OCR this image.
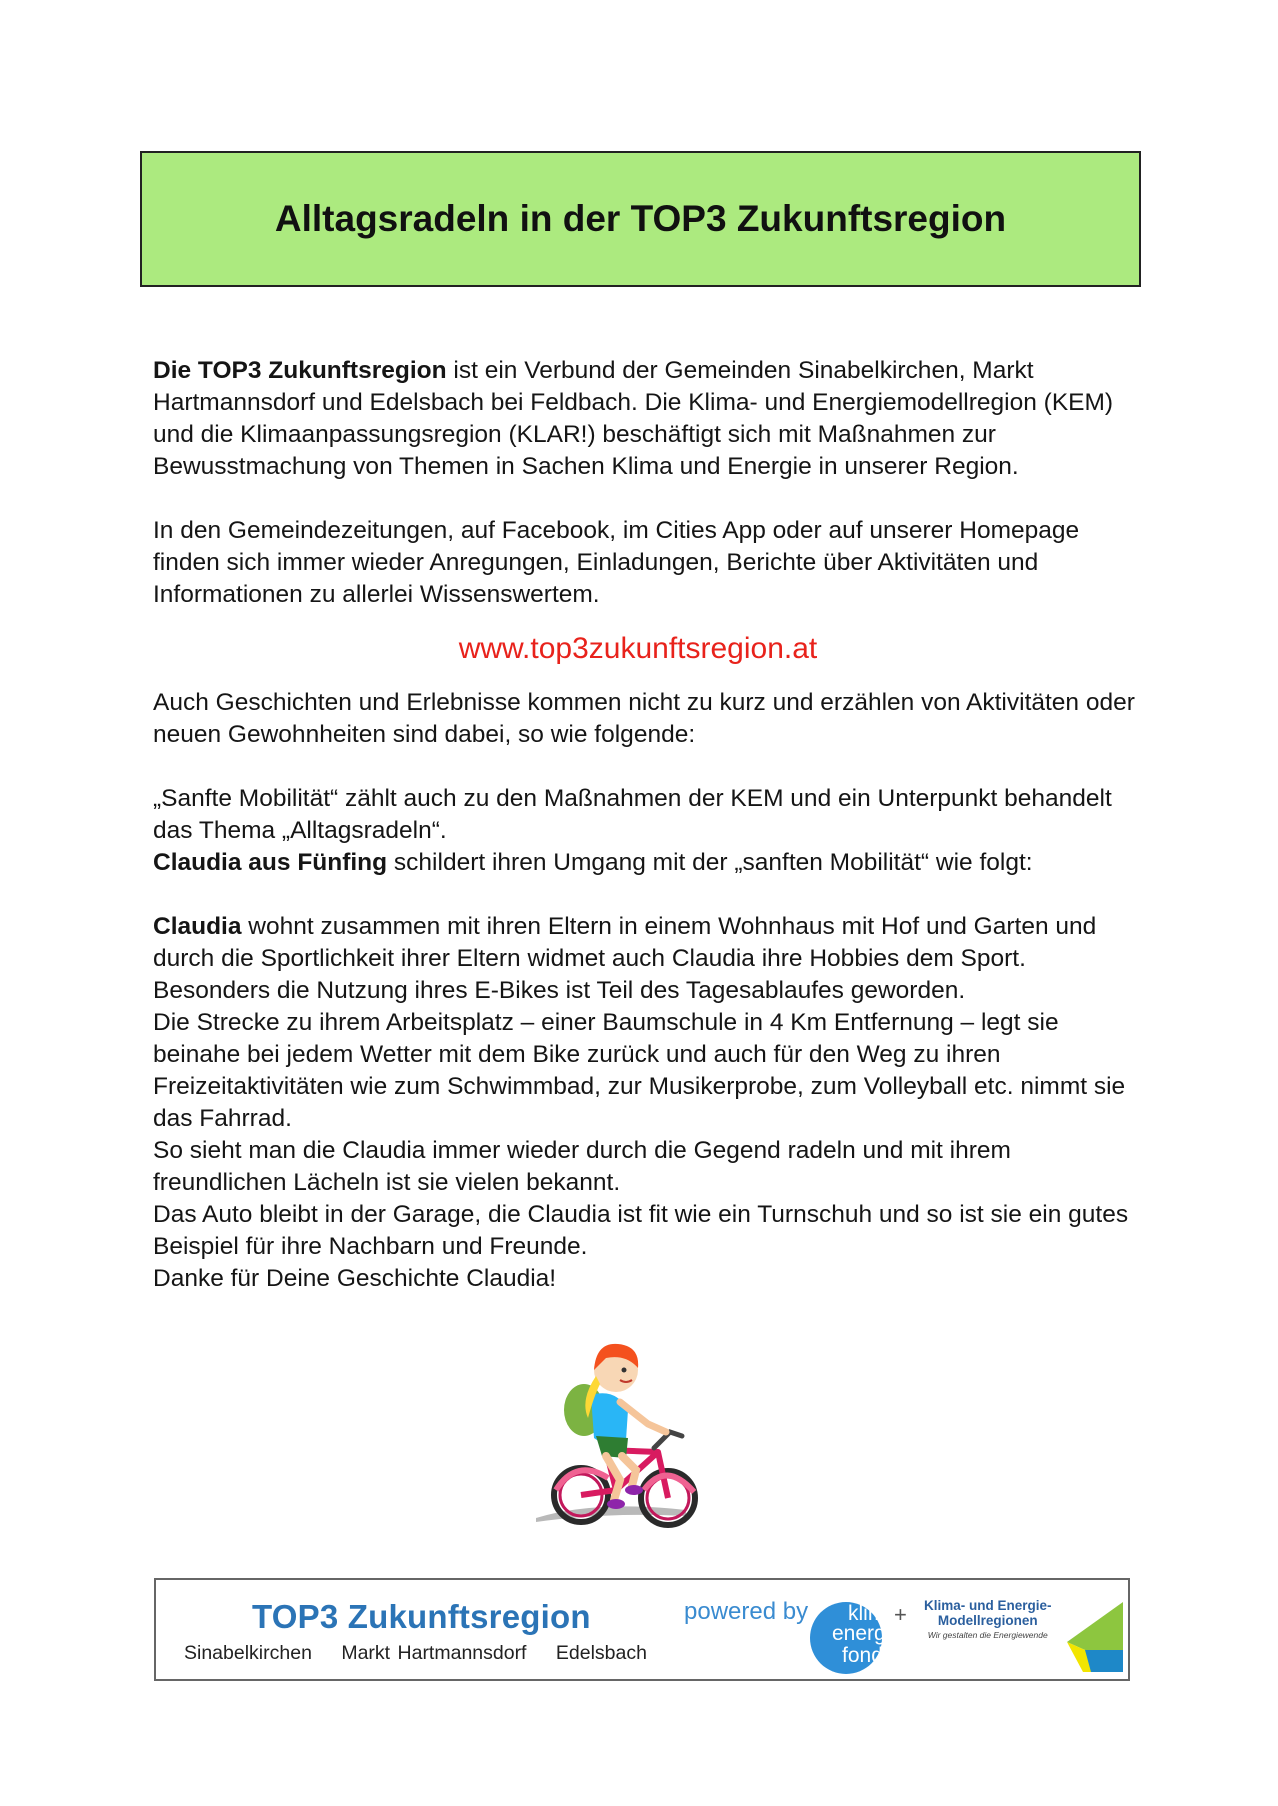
Alltagsradeln in der TOP3 Zukunftsregion

Die TOP3 Zukunftsregion ist ein Verbund der Gemeinden Sinabelkirchen, Markt Hartmannsdorf und Edelsbach bei Feldbach. Die Klima- und Energiemodellregion (KEM) und die Klimaanpassungsregion (KLAR!) beschäftigt sich mit Maßnahmen zur Bewusstmachung von Themen in Sachen Klima und Energie in unserer Region.

In den Gemeindezeitungen, auf Facebook, im Cities App oder auf unserer Homepage finden sich immer wieder Anregungen, Einladungen, Berichte über Aktivitäten und Informationen zu allerlei Wissenswertem.

www.top3zukunftsregion.at

Auch Geschichten und Erlebnisse kommen nicht zu kurz und erzählen von Aktivitäten oder neuen Gewohnheiten sind dabei, so wie folgende:

„Sanfte Mobilität“ zählt auch zu den Maßnahmen der KEM und ein Unterpunkt behandelt das Thema „Alltagsradeln“.

Claudia aus Fünfing schildert ihren Umgang mit der „sanften Mobilität“ wie folgt:

Claudia wohnt zusammen mit ihren Eltern in einem Wohnhaus mit Hof und Garten und durch die Sportlichkeit ihrer Eltern widmet auch Claudia ihre Hobbies dem Sport. Besonders die Nutzung ihres E-Bikes ist Teil des Tagesablaufes geworden.

Die Strecke zu ihrem Arbeitsplatz – einer Baumschule in 4 Km Entfernung – legt sie beinahe bei jedem Wetter mit dem Bike zurück und auch für den Weg zu ihren Freizeitaktivitäten wie zum Schwimmbad, zur Musikerprobe, zum Volleyball etc. nimmt sie das Fahrrad.

So sieht man die Claudia immer wieder durch die Gegend radeln und mit ihrem freundlichen Lächeln ist sie vielen bekannt.

Das Auto bleibt in der Garage, die Claudia ist fit wie ein Turnschuh und so ist sie ein gutes Beispiel für ihre Nachbarn und Freunde.

Danke für Deine Geschichte Claudia!

TOP3 Zukunftsregion
Sinabelkirchen Markt Hartmannsdorf Edelsbach
powered by klima
energie
fonds
+ Klima- und Energie-
Modellregionen
Wir gestalten die Energiewende
